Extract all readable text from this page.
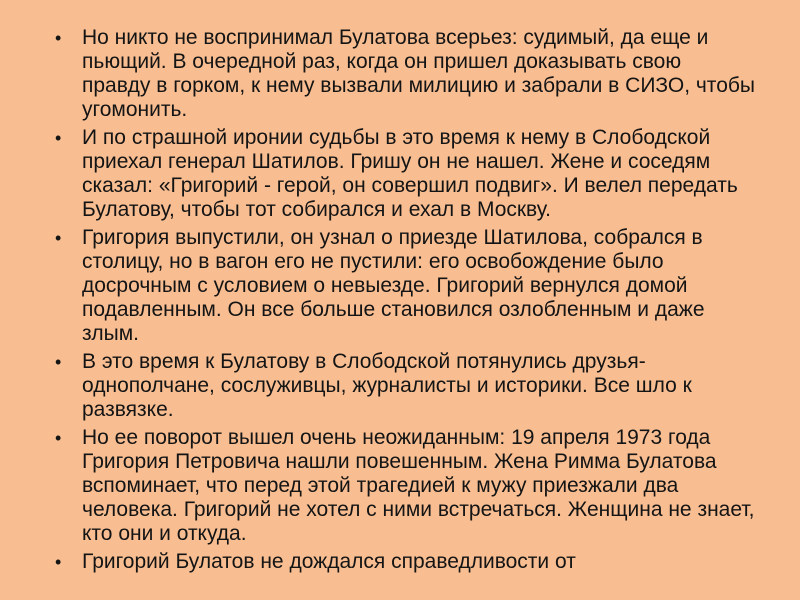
• Но никто не воспринимал Булатова всерьез: судимый, да еще и пьющий. В очередной раз, когда он пришел доказывать свою правду в горком, к нему вызвали милицию и забрали в СИЗО, чтобы угомонить.
• И по страшной иронии судьбы в это время к нему в Слободской приехал генерал Шатилов. Гришу он не нашел. Жене и соседям сказал: «Григорий - герой, он совершил подвиг». И велел передать Булатову, чтобы тот собирался и ехал в Москву.
• Григория выпустили, он узнал о приезде Шатилова, собрался в столицу, но в вагон его не пустили: его освобождение было досрочным с условием о невыезде. Григорий вернулся домой подавленным. Он все больше становился озлобленным и даже злым.
• В это время к Булатову в Слободской потянулись друзья-однополчане, сослуживцы, журналисты и историки. Все шло к развязке.
• Но ее поворот вышел очень неожиданным: 19 апреля 1973 года Григория Петровича нашли повешенным. Жена Римма Булатова вспоминает, что перед этой трагедией к мужу приезжали два человека. Григорий не хотел с ними встречаться. Женщина не знает, кто они и откуда.
• Григорий Булатов не дождался справедливости от
